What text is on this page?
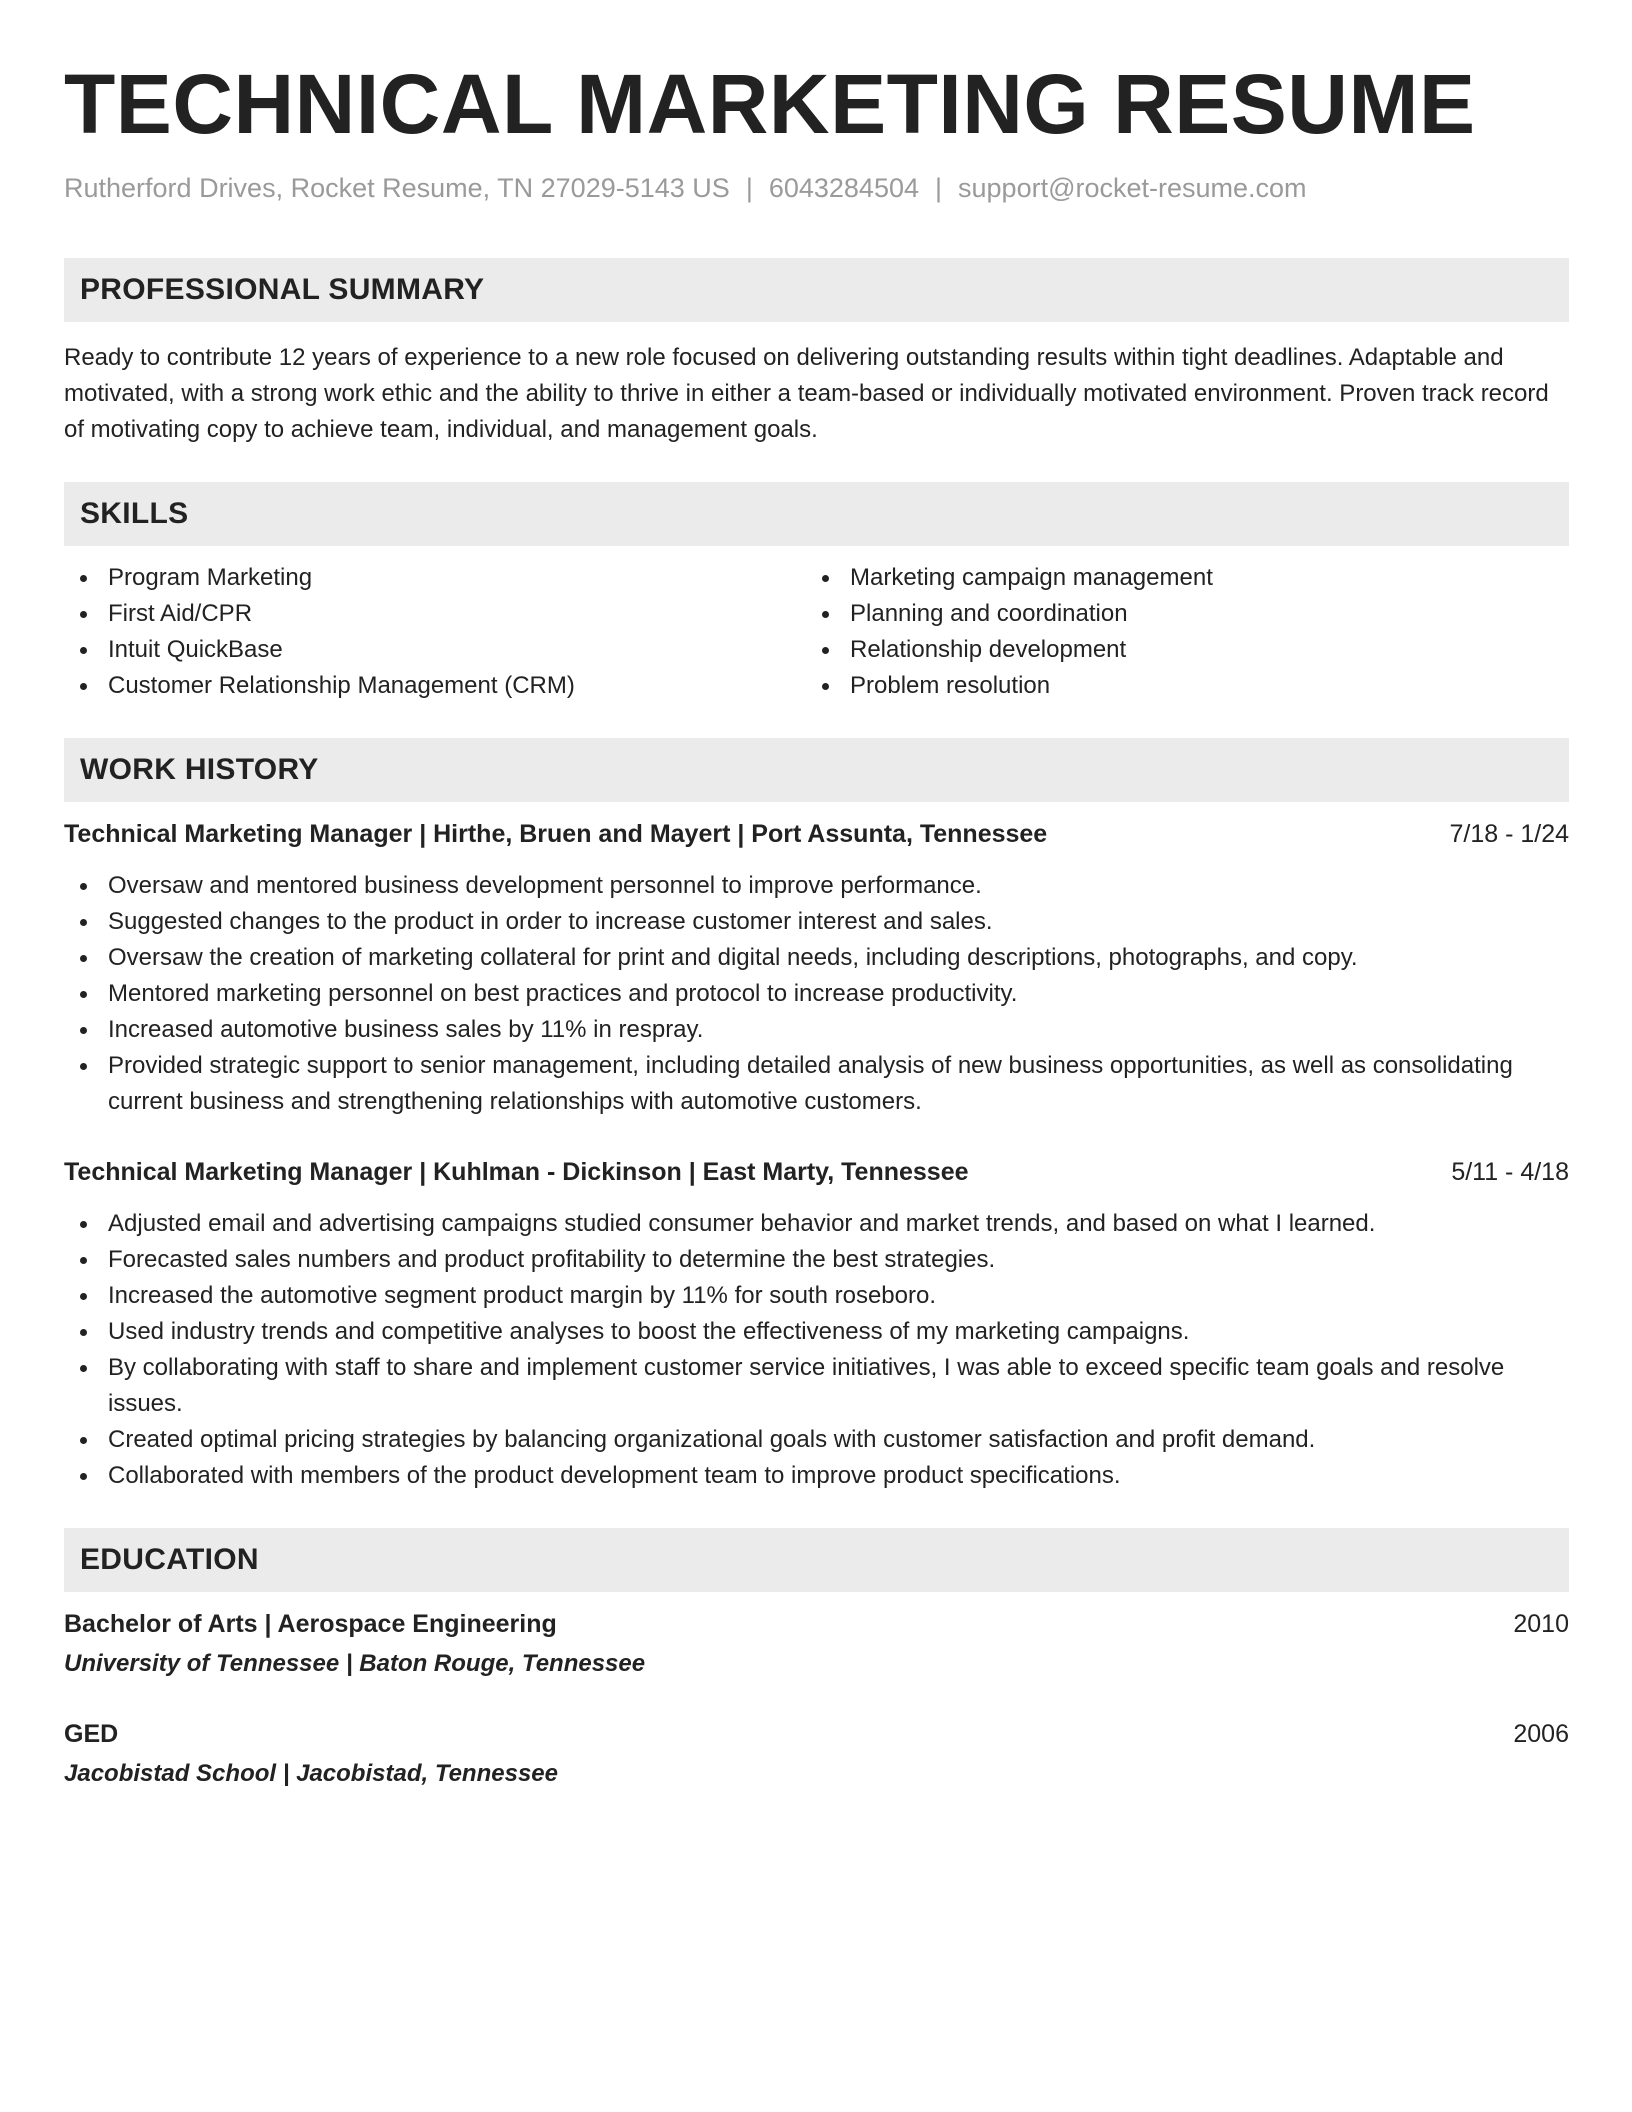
TECHNICAL MARKETING RESUME
Rutherford Drives, Rocket Resume, TN 27029-5143 US | 6043284504 | support@rocket-resume.com
PROFESSIONAL SUMMARY

Ready to contribute 12 years of experience to a new role focused on delivering outstanding results within tight deadlines. Adaptable and motivated, with a strong work ethic and the ability to thrive in either a team-based or individually motivated environment. Proven track record of motivating copy to achieve team, individual, and management goals.

SKILLS
Program Marketing
First Aid/CPR
Intuit QuickBase
Customer Relationship Management (CRM)
Marketing campaign management
Planning and coordination
Relationship development
Problem resolution
WORK HISTORY
Technical Marketing Manager | Hirthe, Bruen and Mayert | Port Assunta, Tennessee	7/18 - 1/24
Oversaw and mentored business development personnel to improve performance.
Suggested changes to the product in order to increase customer interest and sales.
Oversaw the creation of marketing collateral for print and digital needs, including descriptions, photographs, and copy.
Mentored marketing personnel on best practices and protocol to increase productivity.
Increased automotive business sales by 11% in respray.
Provided strategic support to senior management, including detailed analysis of new business opportunities, as well as consolidating current business and strengthening relationships with automotive customers.
Technical Marketing Manager | Kuhlman - Dickinson | East Marty, Tennessee	5/11 - 4/18
Adjusted email and advertising campaigns studied consumer behavior and market trends, and based on what I learned.
Forecasted sales numbers and product profitability to determine the best strategies.
Increased the automotive segment product margin by 11% for south roseboro.
Used industry trends and competitive analyses to boost the effectiveness of my marketing campaigns.
By collaborating with staff to share and implement customer service initiatives, I was able to exceed specific team goals and resolve issues.
Created optimal pricing strategies by balancing organizational goals with customer satisfaction and profit demand.
Collaborated with members of the product development team to improve product specifications.
EDUCATION
Bachelor of Arts | Aerospace Engineering	2010
University of Tennessee | Baton Rouge, Tennessee
GED	2006
Jacobistad School | Jacobistad, Tennessee
